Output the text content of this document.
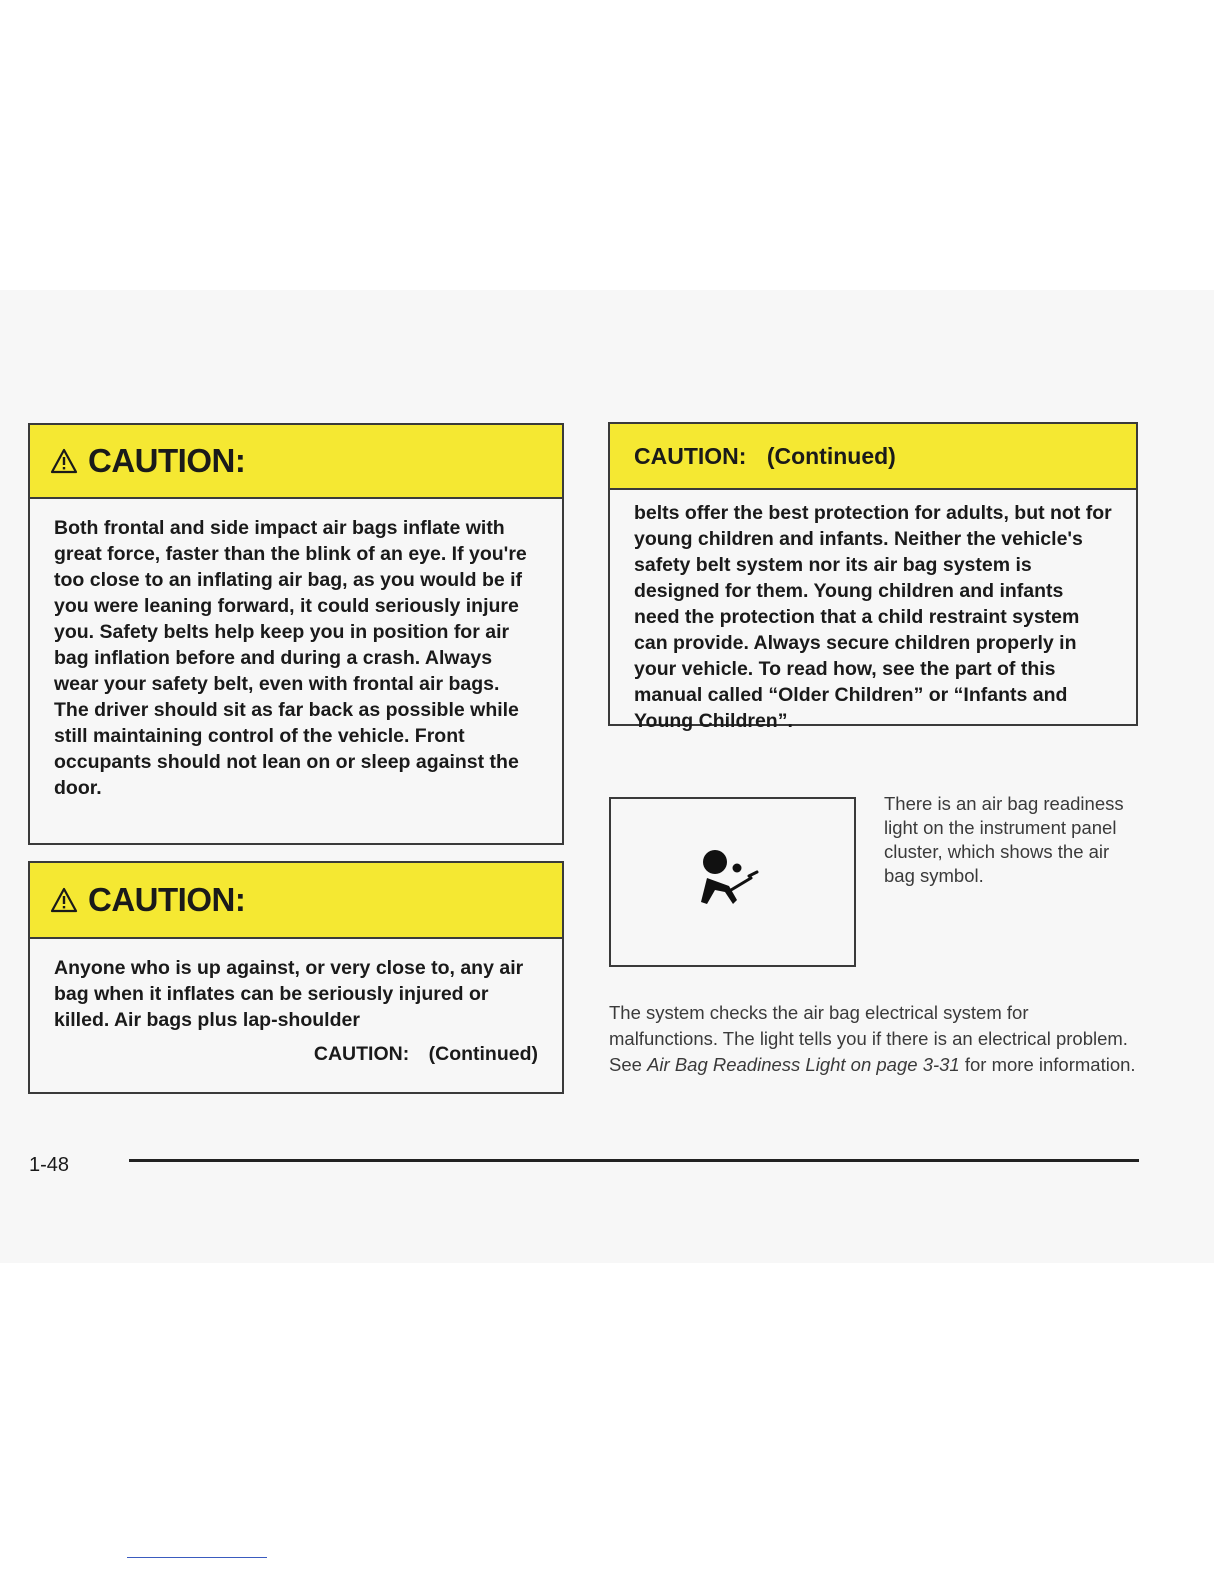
CAUTION:
Both frontal and side impact air bags inflate with great force, faster than the blink of an eye. If you're too close to an inflating air bag, as you would be if you were leaning forward, it could seriously injure you. Safety belts help keep you in position for air bag inflation before and during a crash. Always wear your safety belt, even with frontal air bags. The driver should sit as far back as possible while still maintaining control of the vehicle. Front occupants should not lean on or sleep against the door.
CAUTION:
Anyone who is up against, or very close to, any air bag when it inflates can be seriously injured or killed. Air bags plus lap-shoulder
CAUTION: (Continued)
CAUTION: (Continued)
belts offer the best protection for adults, but not for young children and infants. Neither the vehicle's safety belt system nor its air bag system is designed for them. Young children and infants need the protection that a child restraint system can provide. Always secure children properly in your vehicle. To read how, see the part of this manual called “Older Children” or “Infants and Young Children”.
There is an air bag readiness light on the instrument panel cluster, which shows the air bag symbol.
The system checks the air bag electrical system for malfunctions. The light tells you if there is an electrical problem. See Air Bag Readiness Light on page 3-31 for more information.
1-48
